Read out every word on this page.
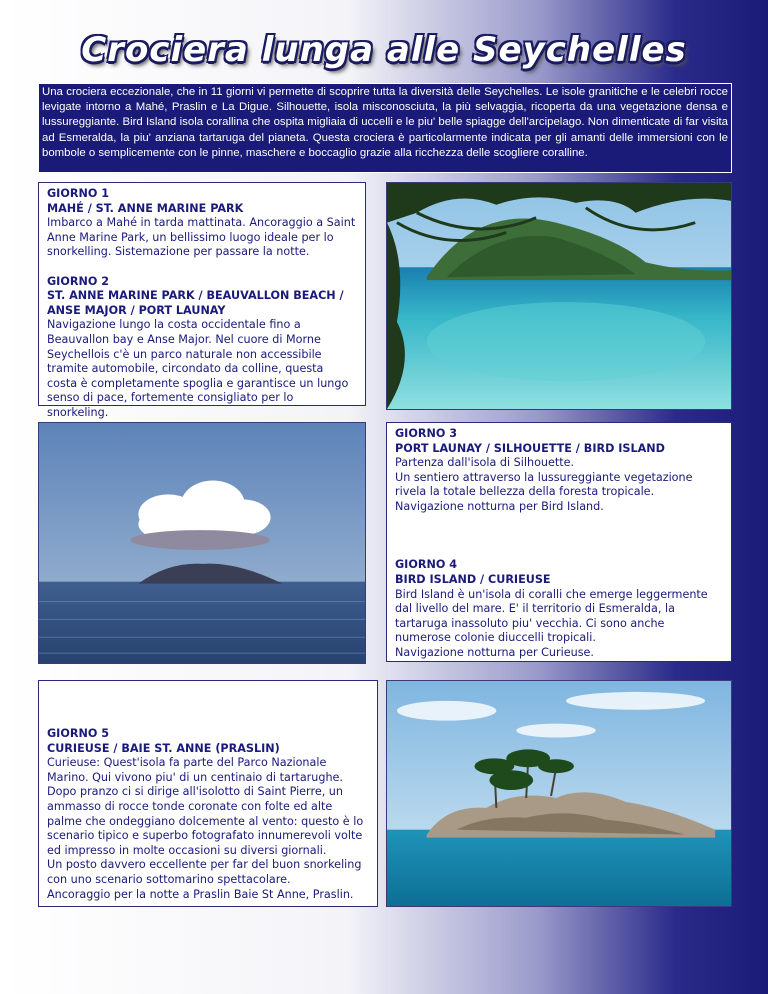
Crociera lunga alle Seychelles
Una crociera eccezionale, che in 11 giorni vi permette di scoprire tutta la diversità delle Seychelles. Le isole granitiche e le celebri rocce levigate intorno a Mahé, Praslin e La Digue. Silhouette, isola misconosciuta, la più selvaggia, ricoperta da una vegetazione densa e lussureggiante. Bird Island isola corallina che ospita migliaia di uccelli e le piu' belle spiagge dell'arcipelago. Non dimenticate di far visita ad Esmeralda, la piu' anziana tartaruga del pianeta. Questa crociera è particolarmente indicata per gli amanti delle immersioni con le bombole o semplicemente con le pinne, maschere e boccaglio grazie alla ricchezza delle scogliere coralline.
GIORNO 1
MAHÉ / ST. ANNE MARINE PARK

Imbarco a Mahé in tarda mattinata. Ancoraggio a Saint Anne Marine Park, un bellissimo luogo ideale per lo snorkelling. Sistemazione per passare la notte.

GIORNO 2
ST. ANNE MARINE PARK / BEAUVALLON BEACH / ANSE MAJOR / PORT LAUNAY

Navigazione lungo la costa occidentale fino a Beauvallon bay e Anse Major. Nel cuore di Morne Seychellois c'è un parco naturale non accessibile tramite automobile, circondato da colline, questa costa è completamente spoglia e garantisce un lungo senso di pace, fortemente consigliato per lo snorkeling.

GIORNO 3
PORT LAUNAY / SILHOUETTE / BIRD ISLAND

Partenza dall'isola di Silhouette.

Un sentiero attraverso la lussureggiante vegetazione rivela la totale bellezza della foresta tropicale. Navigazione notturna per Bird Island.

GIORNO 4
BIRD ISLAND / CURIEUSE

Bird Island è un'isola di coralli che emerge leggermente dal livello del mare. E' il territorio di Esmeralda, la tartaruga inassoluto piu' vecchia. Ci sono anche numerose colonie diuccelli tropicali.

Navigazione notturna per Curieuse.

GIORNO 5
CURIEUSE / BAIE ST. ANNE (PRASLIN)

Curieuse: Quest'isola fa parte del Parco Nazionale Marino. Qui vivono piu' di un centinaio di tartarughe.

Dopo pranzo ci si dirige all'isolotto di Saint Pierre, un ammasso di rocce tonde coronate con folte ed alte palme che ondeggiano dolcemente al vento: questo è lo scenario tipico e superbo fotografato innumerevoli volte ed impresso in molte occasioni su diversi giornali.

Un posto davvero eccellente per far del buon snorkeling con uno scenario sottomarino spettacolare.

Ancoraggio per la notte a Praslin Baie St Anne, Praslin.
